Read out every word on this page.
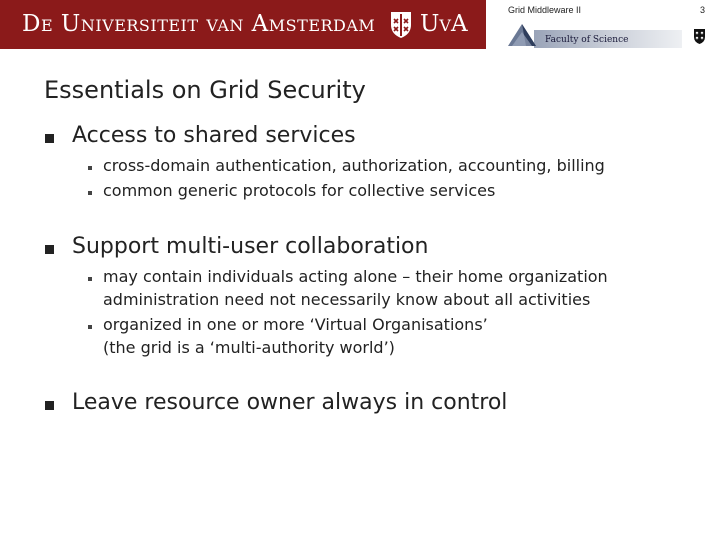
De Universiteit van Amsterdam UvA
Grid Middleware II	3
Faculty of Science
Essentials on Grid Security
Access to shared services
cross-domain authentication, authorization, accounting, billing
common generic protocols for collective services
Support multi-user collaboration
may contain individuals acting alone – their home organization
administration need not necessarily know about all activities
organized in one or more ‘Virtual Organisations’
(the grid is a ‘multi-authority world’)
Leave resource owner always in control
